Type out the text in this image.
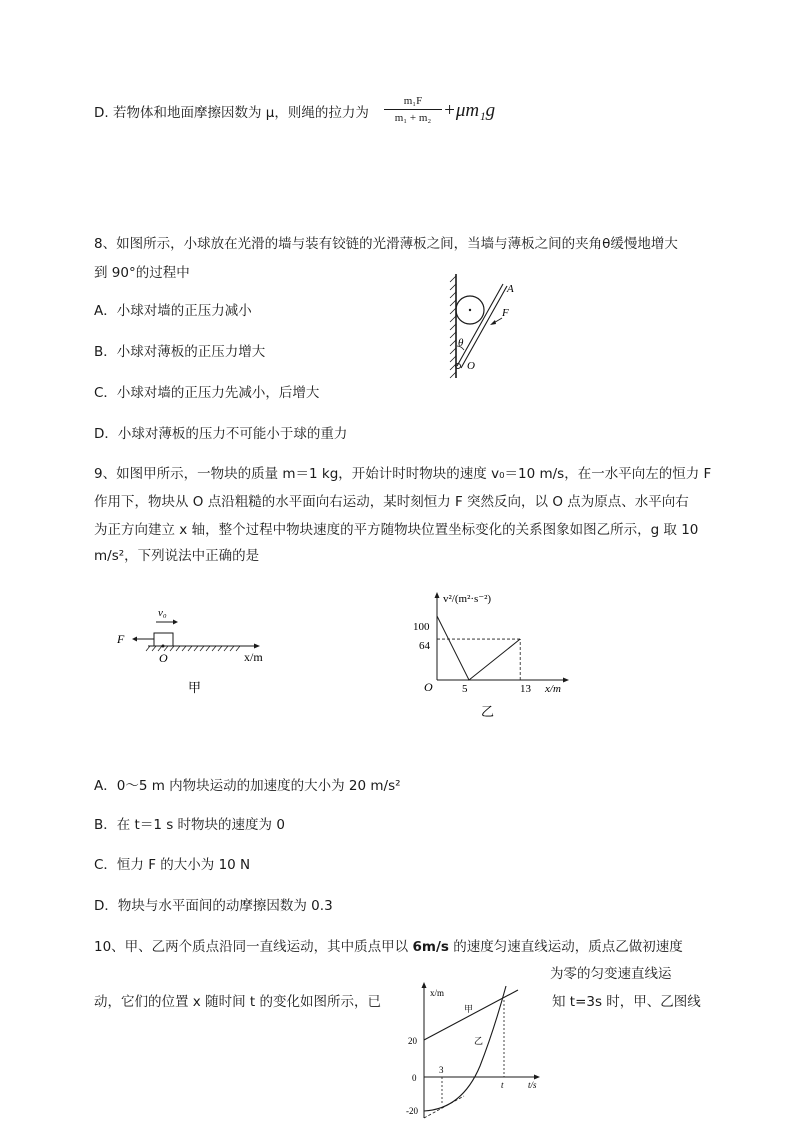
D. 若物体和地面摩擦因数为 μ，则绳的拉力为
m₁F
m₁ + m₂ +μm₁g
8、如图所示，小球放在光滑的墙与装有铰链的光滑薄板之间，当墙与薄板之间的夹角θ缓慢地增大
到 90°的过程中
A．小球对墙的正压力减小
B．小球对薄板的正压力增大
C．小球对墙的正压力先减小，后增大
D．小球对薄板的压力不可能小于球的重力
A
F
θ
O
9、如图甲所示，一物块的质量 m＝1 kg，开始计时时物块的速度 v₀＝10 m/s，在一水平向左的恒力 F
作用下，物块从 O 点沿粗糙的水平面向右运动，某时刻恒力 F 突然反向，以 O 点为原点、水平向右
为正方向建立 x 轴，整个过程中物块速度的平方随物块位置坐标变化的关系图象如图乙所示，g 取 10
m/s²，下列说法中正确的是
v₀
F
O	x/m
甲
v²/(m²·s⁻²)
x/m
O
100
64
5	13
乙
A．0～5 m 内物块运动的加速度的大小为 20 m/s²
B．在 t＝1 s 时物块的速度为 0
C．恒力 F 的大小为 10 N
D．物块与水平面间的动摩擦因数为 0.3
10、甲、乙两个质点沿同一直线运动，其中质点甲以 6m/s 的速度匀速直线运动，质点乙做初速度
为零的匀变速直线运
动，它们的位置 x 随时间 t 的变化如图所示，已	知 t=3s 时，甲、乙图线
x/m
t/s
20
0
-20
3
t
甲
乙
